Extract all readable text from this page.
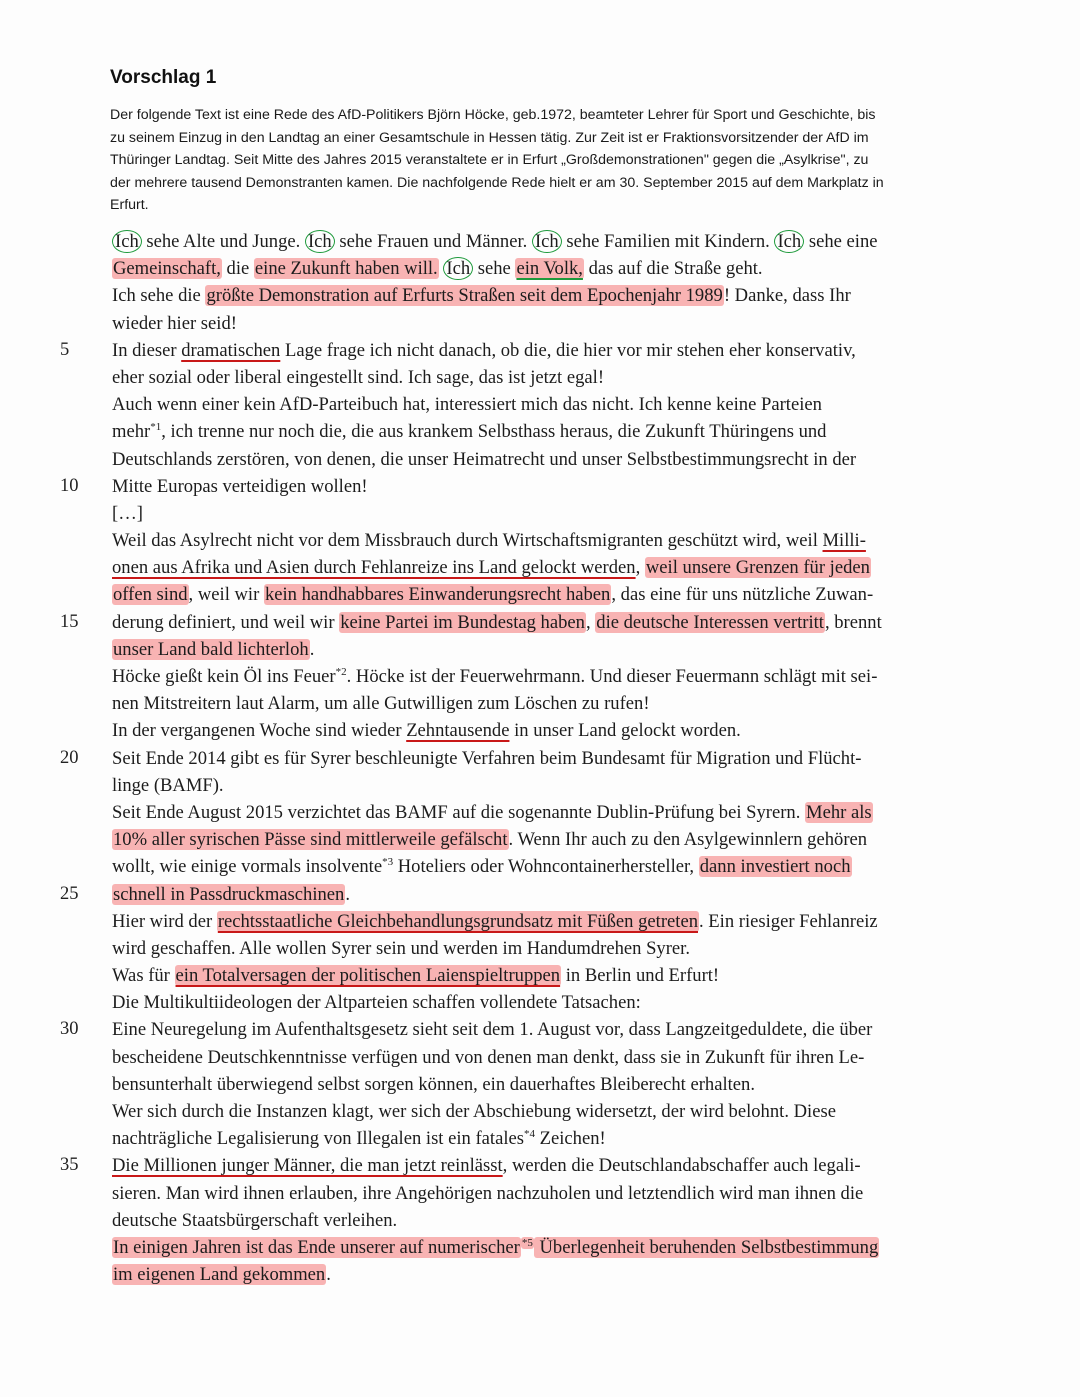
Vorschlag 1
Der folgende Text ist eine Rede des AfD-Politikers Björn Höcke, geb.1972, beamteter Lehrer für Sport und Geschichte, bis
zu seinem Einzug in den Landtag an einer Gesamtschule in Hessen tätig. Zur Zeit ist er Fraktionsvorsitzender der AfD im
Thüringer Landtag. Seit Mitte des Jahres 2015 veranstaltete er in Erfurt „Großdemonstrationen" gegen die „Asylkrise", zu
der mehrere tausend Demonstranten kamen. Die nachfolgende Rede hielt er am 30. September 2015 auf dem Markplatz in
Erfurt.
Ich sehe Alte und Junge. Ich sehe Frauen und Männer. Ich sehe Familien mit Kindern. Ich sehe eine
Gemeinschaft, die eine Zukunft haben will. Ich sehe ein Volk, das auf die Straße geht.
Ich sehe die größte Demonstration auf Erfurts Straßen seit dem Epochenjahr 1989! Danke, dass Ihr
wieder hier seid!
5	In dieser dramatischen Lage frage ich nicht danach, ob die, die hier vor mir stehen eher konservativ,
eher sozial oder liberal eingestellt sind. Ich sage, das ist jetzt egal!
Auch wenn einer kein AfD-Parteibuch hat, interessiert mich das nicht. Ich kenne keine Parteien
mehr$^{*1}$, ich trenne nur noch die, die aus krankem Selbsthass heraus, die Zukunft Thüringens und
Deutschlands zerstören, von denen, die unser Heimatrecht und unser Selbstbestimmungsrecht in der
10	Mitte Europas verteidigen wollen!
[…]
Weil das Asylrecht nicht vor dem Missbrauch durch Wirtschaftsmigranten geschützt wird, weil Milli-
onen aus Afrika und Asien durch Fehlanreize ins Land gelockt werden, weil unsere Grenzen für jeden
offen sind, weil wir kein handhabbares Einwanderungsrecht haben, das eine für uns nützliche Zuwan-
15	derung definiert, und weil wir keine Partei im Bundestag haben, die deutsche Interessen vertritt, brennt
unser Land bald lichterloh.
Höcke gießt kein Öl ins Feuer$^{*2}$. Höcke ist der Feuerwehrmann. Und dieser Feuermann schlägt mit sei-
nen Mitstreitern laut Alarm, um alle Gutwilligen zum Löschen zu rufen!
In der vergangenen Woche sind wieder Zehntausende in unser Land gelockt worden.
20	Seit Ende 2014 gibt es für Syrer beschleunigte Verfahren beim Bundesamt für Migration und Flücht-
linge (BAMF).
Seit Ende August 2015 verzichtet das BAMF auf die sogenannte Dublin-Prüfung bei Syrern. Mehr als
10% aller syrischen Pässe sind mittlerweile gefälscht. Wenn Ihr auch zu den Asylgewinnlern gehören
wollt, wie einige vormals insolvente$^{*3}$ Hoteliers oder Wohncontainerhersteller, dann investiert noch
25	schnell in Passdruckmaschinen.
Hier wird der rechtsstaatliche Gleichbehandlungsgrundsatz mit Füßen getreten. Ein riesiger Fehlanreiz
wird geschaffen. Alle wollen Syrer sein und werden im Handumdrehen Syrer.
Was für ein Totalversagen der politischen Laienspieltruppen in Berlin und Erfurt!
Die Multikultiideologen der Altparteien schaffen vollendete Tatsachen:
30	Eine Neuregelung im Aufenthaltsgesetz sieht seit dem 1. August vor, dass Langzeitgeduldete, die über
bescheidene Deutschkenntnisse verfügen und von denen man denkt, dass sie in Zukunft für ihren Le-
bensunterhalt überwiegend selbst sorgen können, ein dauerhaftes Bleiberecht erhalten.
Wer sich durch die Instanzen klagt, wer sich der Abschiebung widersetzt, der wird belohnt. Diese
nachträgliche Legalisierung von Illegalen ist ein fatales$^{*4}$ Zeichen!
35	Die Millionen junger Männer, die man jetzt reinlässt, werden die Deutschlandabschaffer auch legali-
sieren. Man wird ihnen erlauben, ihre Angehörigen nachzuholen und letztendlich wird man ihnen die
deutsche Staatsbürgerschaft verleihen.
In einigen Jahren ist das Ende unserer auf numerischer $^{*5}$ Überlegenheit beruhenden Selbstbestimmung
im eigenen Land gekommen.
